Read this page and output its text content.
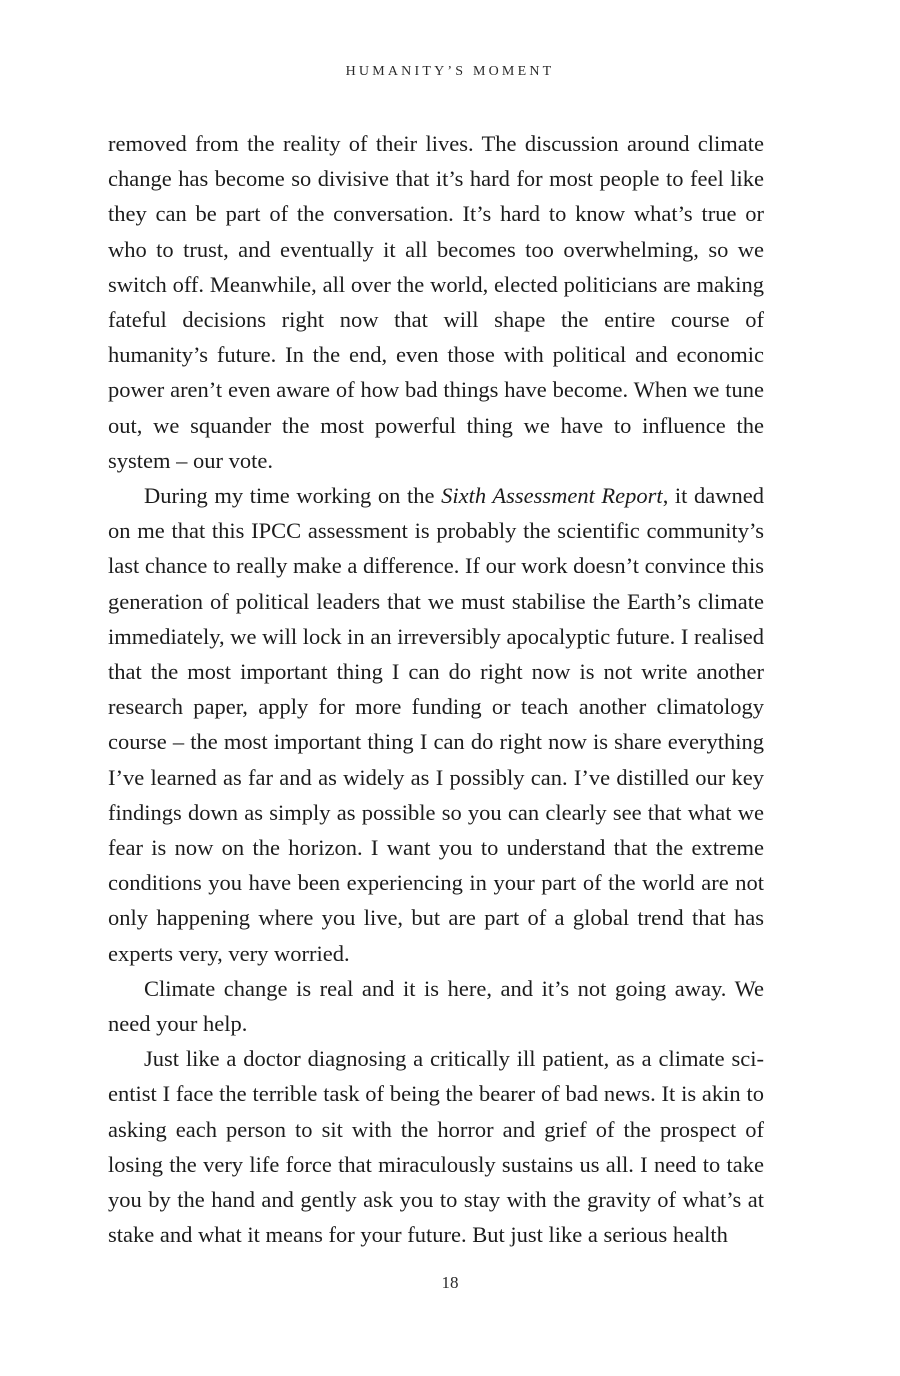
HUMANITY’S MOMENT

removed from the reality of their lives. The discussion around climate change has become so divisive that it’s hard for most people to feel like they can be part of the conversation. It’s hard to know what’s true or who to trust, and eventually it all becomes too overwhelming, so we switch off. Meanwhile, all over the world, elected politicians are making fateful decisions right now that will shape the entire course of humanity’s future. In the end, even those with political and economic power aren’t even aware of how bad things have become. When we tune out, we squander the most powerful thing we have to influence the system – our vote.

During my time working on the Sixth Assessment Report, it dawned on me that this IPCC assessment is probably the scientific community’s last chance to really make a difference. If our work doesn’t convince this generation of political leaders that we must stabilise the Earth’s climate immediately, we will lock in an irreversibly apocalyptic future. I realised that the most important thing I can do right now is not write another research paper, apply for more funding or teach another climatology course – the most important thing I can do right now is share everything I’ve learned as far and as widely as I possibly can. I’ve distilled our key findings down as simply as possible so you can clearly see that what we fear is now on the horizon. I want you to understand that the extreme conditions you have been experiencing in your part of the world are not only happening where you live, but are part of a global trend that has experts very, very worried.

Climate change is real and it is here, and it’s not going away. We need your help.

Just like a doctor diagnosing a critically ill patient, as a climate scientist I face the terrible task of being the bearer of bad news. It is akin to asking each person to sit with the horror and grief of the prospect of losing the very life force that miraculously sustains us all. I need to take you by the hand and gently ask you to stay with the gravity of what’s at stake and what it means for your future. But just like a serious health

18
